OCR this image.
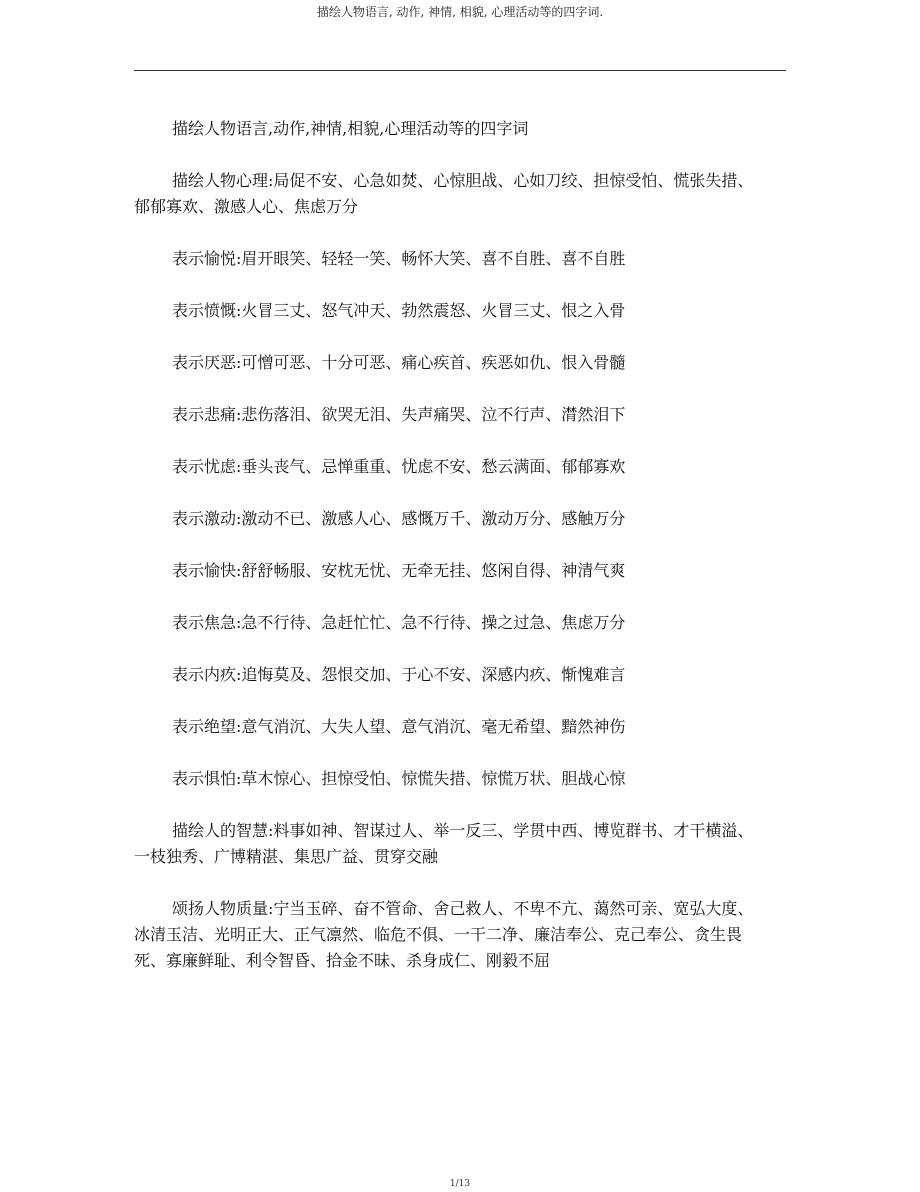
描绘人物语言, 动作, 神情, 相貌, 心理活动等的四字词.

描绘人物语言,动作,神情,相貌,心理活动等的四字词

描绘人物心理:局促不安、心急如焚、心惊胆战、心如刀绞、担惊受怕、慌张失措、郁郁寡欢、激感人心、焦虑万分

表示愉悦:眉开眼笑、轻轻一笑、畅怀大笑、喜不自胜、喜不自胜

表示愤慨:火冒三丈、怒气冲天、勃然震怒、火冒三丈、恨之入骨

表示厌恶:可憎可恶、十分可恶、痛心疾首、疾恶如仇、恨入骨髓

表示悲痛:悲伤落泪、欲哭无泪、失声痛哭、泣不行声、潸然泪下

表示忧虑:垂头丧气、忌惮重重、忧虑不安、愁云满面、郁郁寡欢

表示激动:激动不已、激感人心、感慨万千、激动万分、感触万分

表示愉快:舒舒畅服、安枕无忧、无牵无挂、悠闲自得、神清气爽

表示焦急:急不行待、急赶忙忙、急不行待、操之过急、焦虑万分

表示内疚:追悔莫及、怨恨交加、于心不安、深感内疚、惭愧难言

表示绝望:意气消沉、大失人望、意气消沉、毫无希望、黯然神伤

表示惧怕:草木惊心、担惊受怕、惊慌失措、惊慌万状、胆战心惊

描绘人的智慧:料事如神、智谋过人、举一反三、学贯中西、博览群书、才干横溢、一枝独秀、广博精湛、集思广益、贯穿交融

颂扬人物质量:宁当玉碎、奋不管命、舍己救人、不卑不亢、蔼然可亲、宽弘大度、冰清玉洁、光明正大、正气凛然、临危不俱、一干二净、廉洁奉公、克己奉公、贪生畏死、寡廉鲜耻、利令智昏、拾金不昧、杀身成仁、刚毅不屈

1/13
